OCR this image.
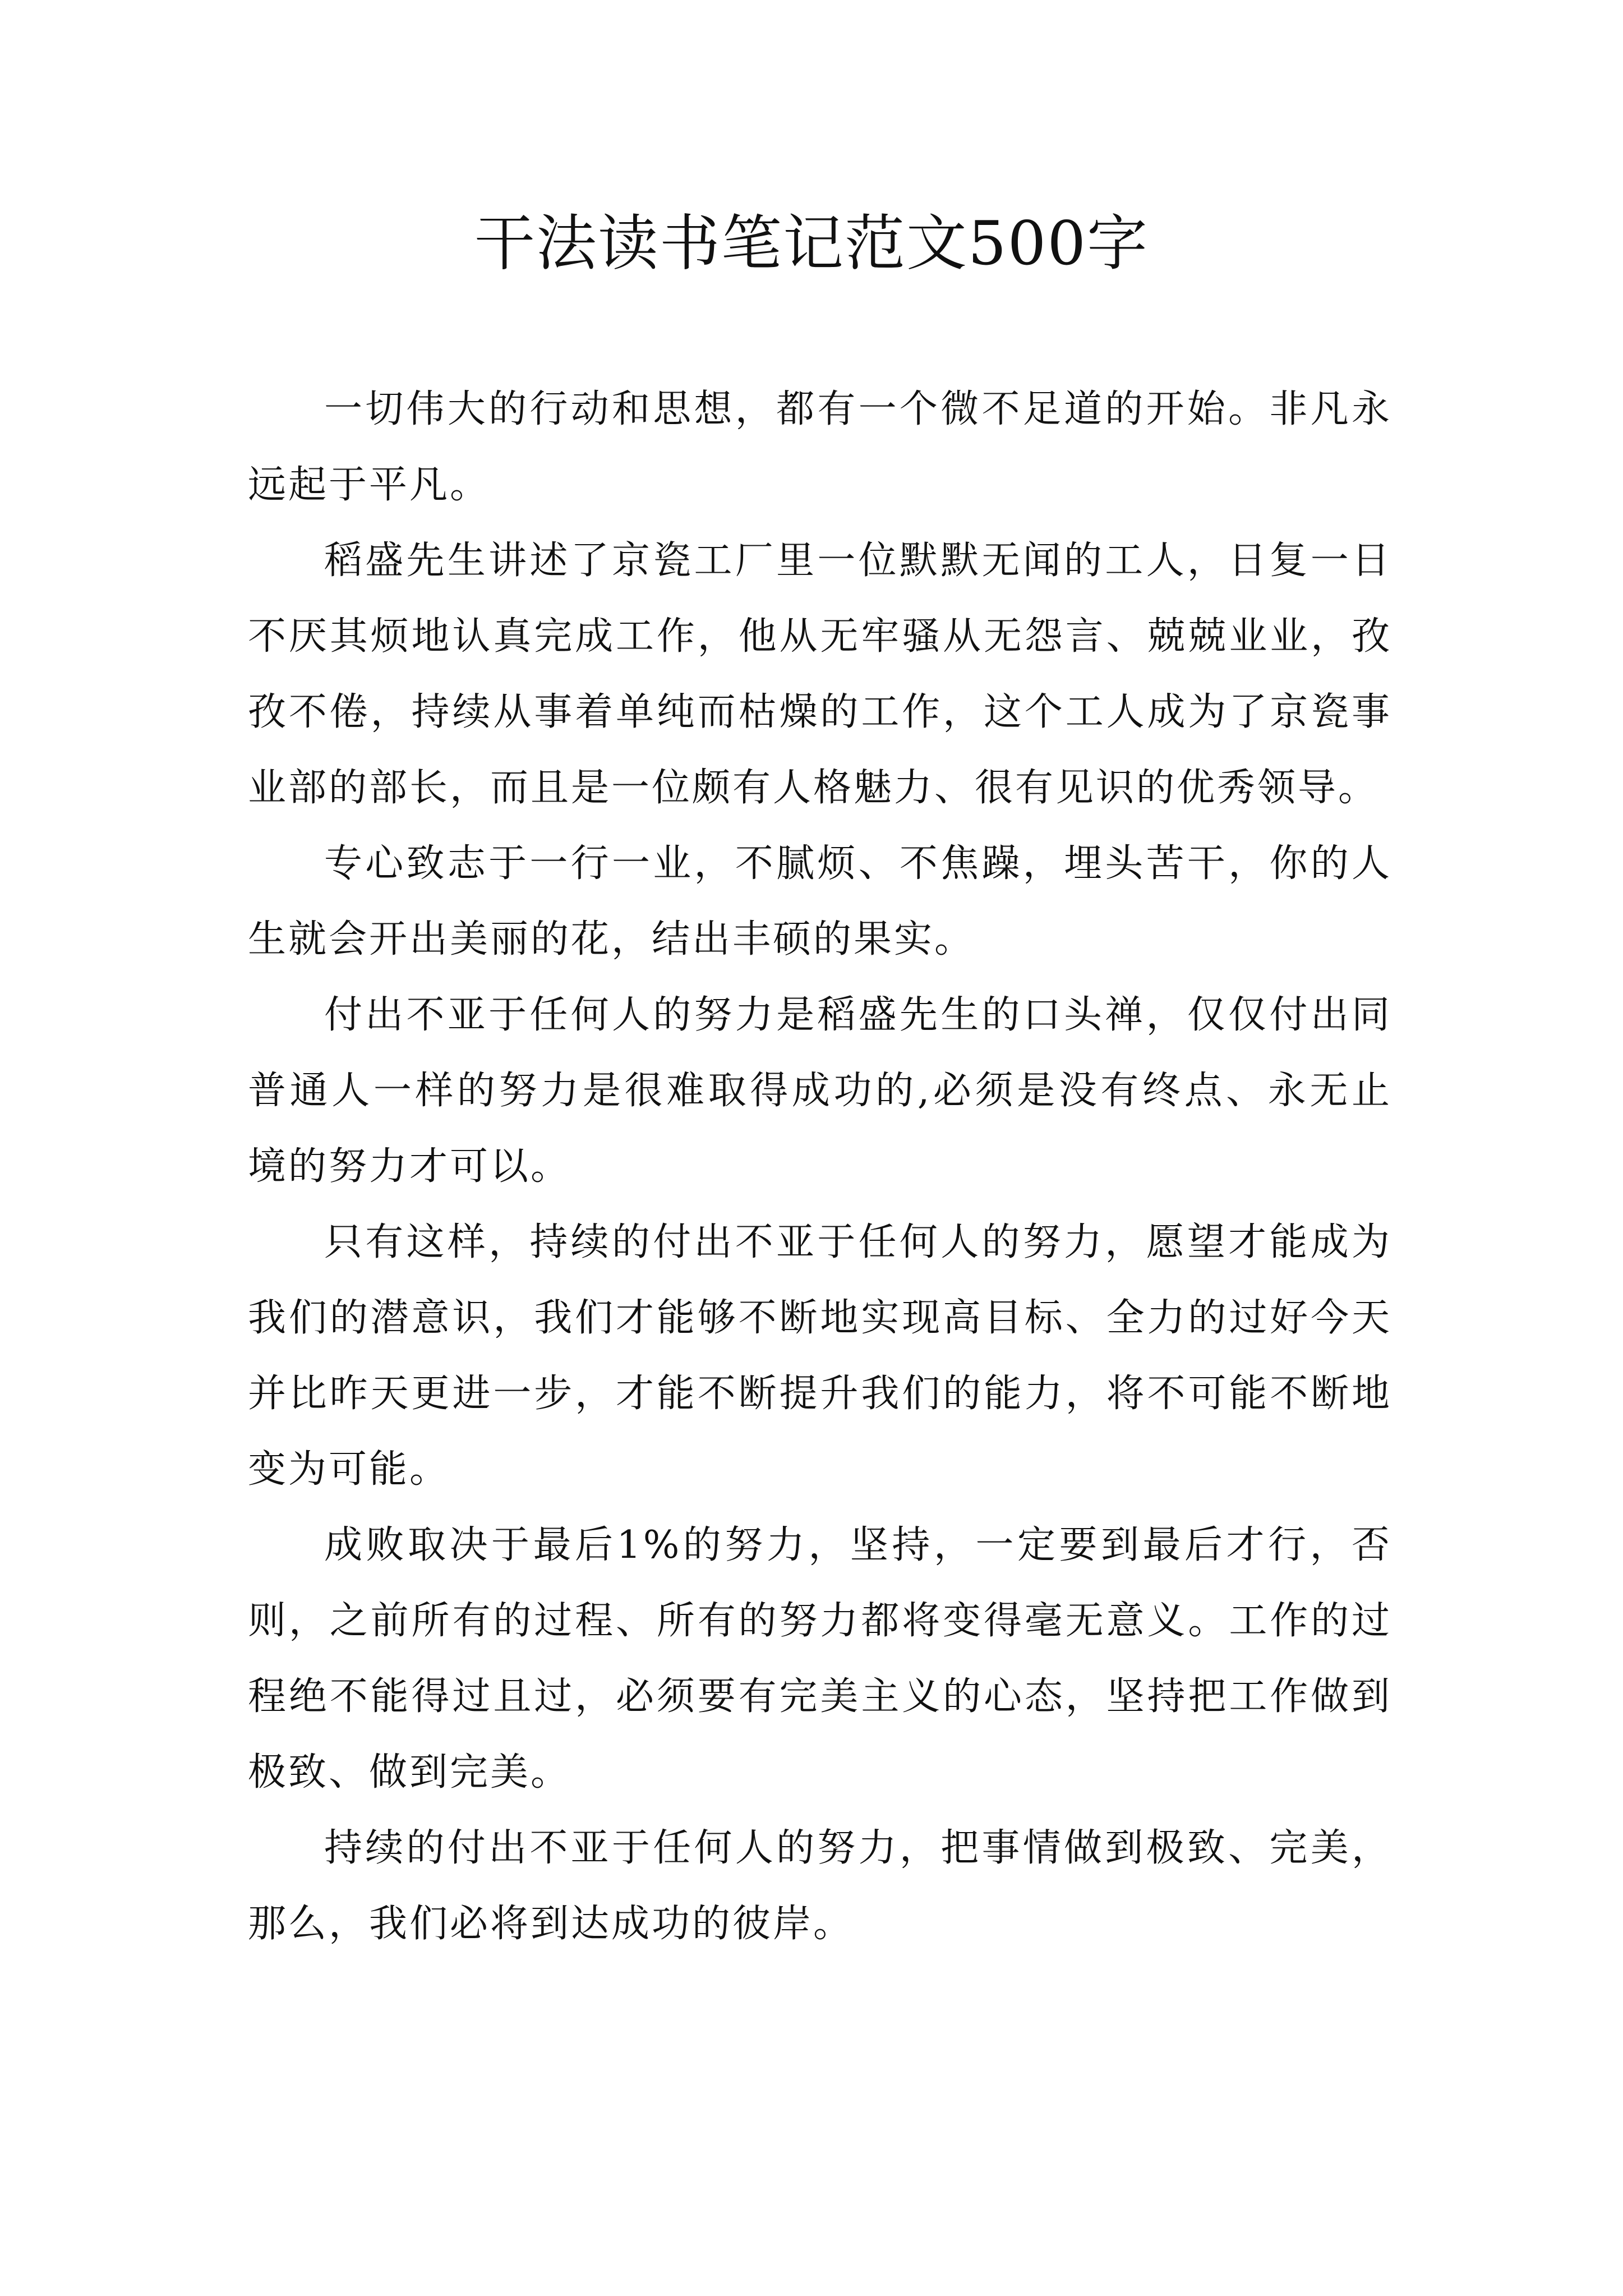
干法读书笔记范文500字

一切伟大的行动和思想，都有一个微不足道的开始。非凡永远起于平凡。

稻盛先生讲述了京瓷工厂里一位默默无闻的工人，日复一日不厌其烦地认真完成工作，他从无牢骚从无怨言、兢兢业业，孜孜不倦，持续从事着单纯而枯燥的工作，这个工人成为了京瓷事业部的部长，而且是一位颇有人格魅力、很有见识的优秀领导。

专心致志于一行一业，不腻烦、不焦躁，埋头苦干，你的人生就会开出美丽的花，结出丰硕的果实。

付出不亚于任何人的努力是稻盛先生的口头禅，仅仅付出同普通人一样的努力是很难取得成功的,必须是没有终点、永无止境的努力才可以。

只有这样，持续的付出不亚于任何人的努力，愿望才能成为我们的潜意识，我们才能够不断地实现高目标、全力的过好今天并比昨天更进一步，才能不断提升我们的能力，将不可能不断地变为可能。

成败取决于最后1%的努力，坚持，一定要到最后才行，否则，之前所有的过程、所有的努力都将变得毫无意义。工作的过程绝不能得过且过，必须要有完美主义的心态，坚持把工作做到极致、做到完美。

持续的付出不亚于任何人的努力，把事情做到极致、完美，那么，我们必将到达成功的彼岸。
